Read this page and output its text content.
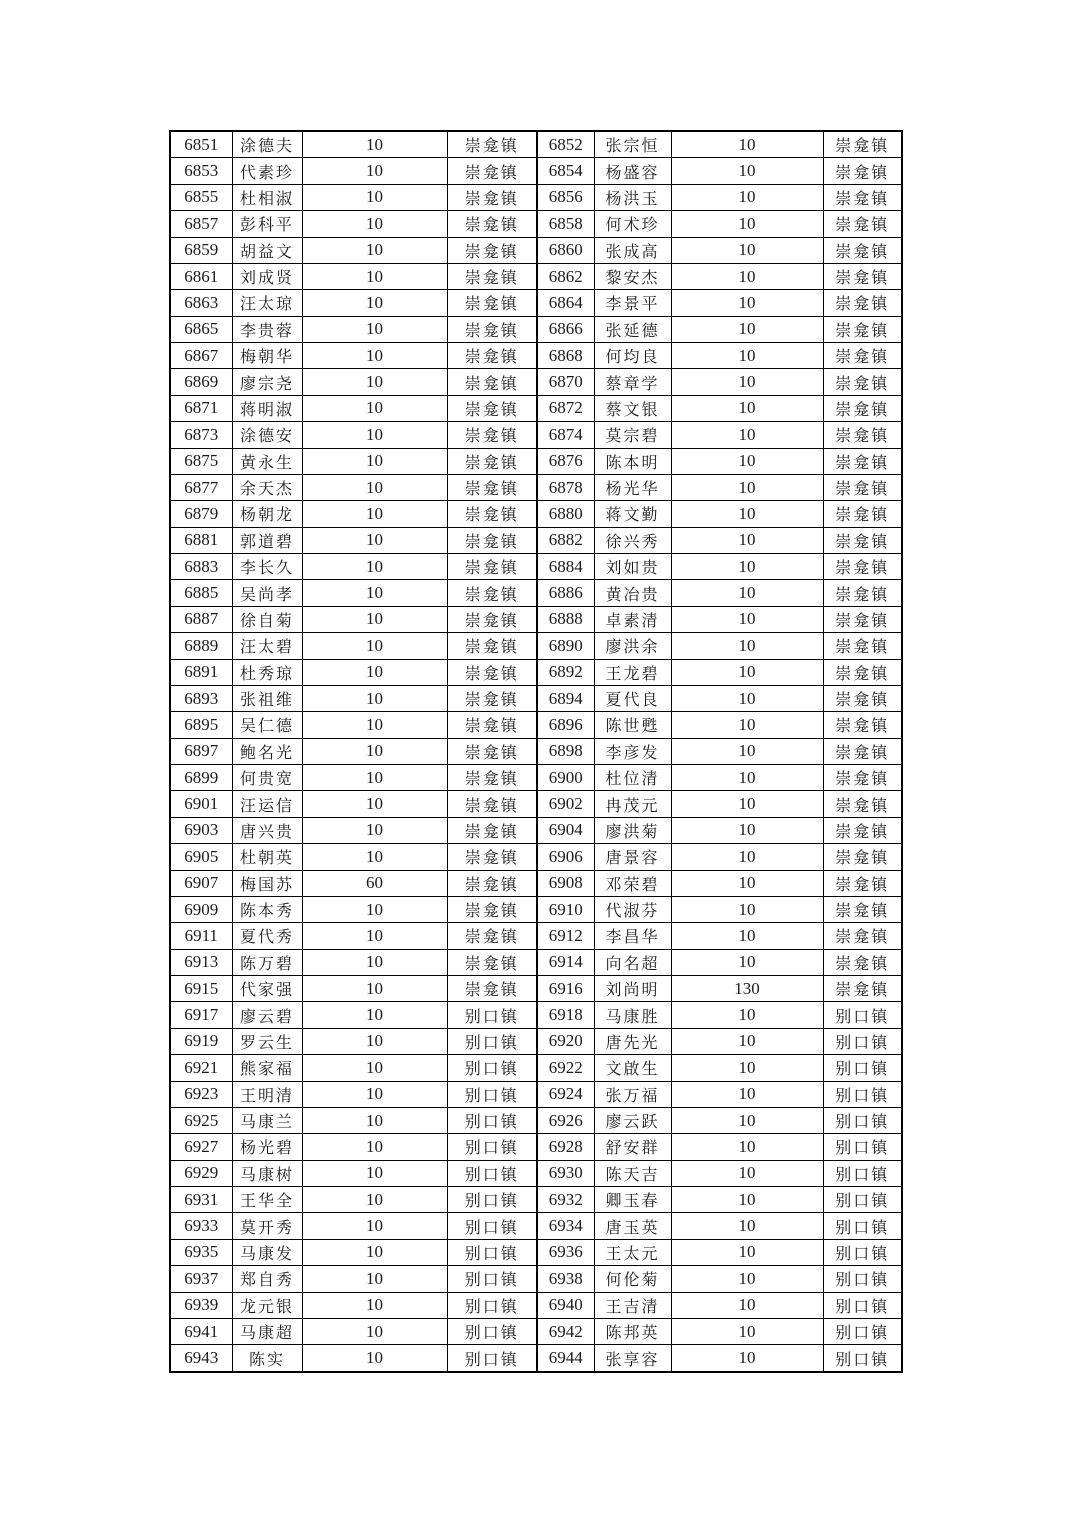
6851	涂德夫	10	崇龛镇	6852	张宗恒	10	崇龛镇
6853	代素珍	10	崇龛镇	6854	杨盛容	10	崇龛镇
6855	杜相淑	10	崇龛镇	6856	杨洪玉	10	崇龛镇
6857	彭科平	10	崇龛镇	6858	何术珍	10	崇龛镇
6859	胡益文	10	崇龛镇	6860	张成高	10	崇龛镇
6861	刘成贤	10	崇龛镇	6862	黎安杰	10	崇龛镇
6863	汪太琼	10	崇龛镇	6864	李景平	10	崇龛镇
6865	李贵蓉	10	崇龛镇	6866	张延德	10	崇龛镇
6867	梅朝华	10	崇龛镇	6868	何均良	10	崇龛镇
6869	廖宗尧	10	崇龛镇	6870	蔡章学	10	崇龛镇
6871	蒋明淑	10	崇龛镇	6872	蔡文银	10	崇龛镇
6873	涂德安	10	崇龛镇	6874	莫宗碧	10	崇龛镇
6875	黄永生	10	崇龛镇	6876	陈本明	10	崇龛镇
6877	余天杰	10	崇龛镇	6878	杨光华	10	崇龛镇
6879	杨朝龙	10	崇龛镇	6880	蒋文勤	10	崇龛镇
6881	郭道碧	10	崇龛镇	6882	徐兴秀	10	崇龛镇
6883	李长久	10	崇龛镇	6884	刘如贵	10	崇龛镇
6885	吴尚孝	10	崇龛镇	6886	黄冶贵	10	崇龛镇
6887	徐自菊	10	崇龛镇	6888	卓素清	10	崇龛镇
6889	汪太碧	10	崇龛镇	6890	廖洪余	10	崇龛镇
6891	杜秀琼	10	崇龛镇	6892	王龙碧	10	崇龛镇
6893	张祖维	10	崇龛镇	6894	夏代良	10	崇龛镇
6895	吴仁德	10	崇龛镇	6896	陈世甦	10	崇龛镇
6897	鲍名光	10	崇龛镇	6898	李彦发	10	崇龛镇
6899	何贵宽	10	崇龛镇	6900	杜位清	10	崇龛镇
6901	汪运信	10	崇龛镇	6902	冉茂元	10	崇龛镇
6903	唐兴贵	10	崇龛镇	6904	廖洪菊	10	崇龛镇
6905	杜朝英	10	崇龛镇	6906	唐景容	10	崇龛镇
6907	梅国苏	60	崇龛镇	6908	邓荣碧	10	崇龛镇
6909	陈本秀	10	崇龛镇	6910	代淑芬	10	崇龛镇
6911	夏代秀	10	崇龛镇	6912	李昌华	10	崇龛镇
6913	陈万碧	10	崇龛镇	6914	向名超	10	崇龛镇
6915	代家强	10	崇龛镇	6916	刘尚明	130	崇龛镇
6917	廖云碧	10	别口镇	6918	马康胜	10	别口镇
6919	罗云生	10	别口镇	6920	唐先光	10	别口镇
6921	熊家福	10	别口镇	6922	文啟生	10	别口镇
6923	王明清	10	别口镇	6924	张万福	10	别口镇
6925	马康兰	10	别口镇	6926	廖云跃	10	别口镇
6927	杨光碧	10	别口镇	6928	舒安群	10	别口镇
6929	马康树	10	别口镇	6930	陈天吉	10	别口镇
6931	王华全	10	别口镇	6932	卿玉春	10	别口镇
6933	莫开秀	10	别口镇	6934	唐玉英	10	别口镇
6935	马康发	10	别口镇	6936	王太元	10	别口镇
6937	郑自秀	10	别口镇	6938	何伦菊	10	别口镇
6939	龙元银	10	别口镇	6940	王吉清	10	别口镇
6941	马康超	10	别口镇	6942	陈邦英	10	别口镇
6943	陈实	10	别口镇	6944	张享容	10	别口镇
